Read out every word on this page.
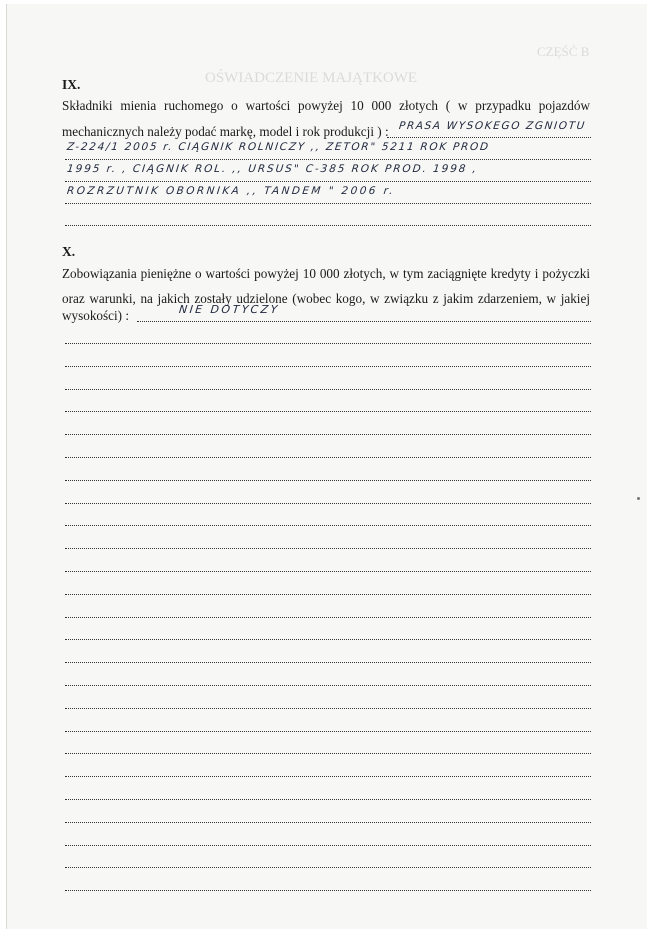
OŚWIADCZENIE MAJĄTKOWE
CZĘŚĆ B
IX.
Składniki mienia ruchomego o wartości powyżej 10 000 złotych ( w przypadku pojazdów
mechanicznych należy podać markę, model i rok produkcji ) : PRASA WYSOKEGO ZGNIOTU
Z-224/1 2005 r. CIĄGNIK ROLNICZY ,, ZETOR" 5211 ROK PROD
1995 r. , CIĄGNIK ROL. ,, URSUS" C-385 ROK PROD. 1998 ,
ROZRZUTNIK OBORNIKA ,, TANDEM " 2006 r.
X.
Zobowiązania pieniężne o wartości powyżej 10 000 złotych, w tym zaciągnięte kredyty i pożyczki
oraz warunki, na jakich zostały udzielone (wobec kogo, w związku z jakim zdarzeniem, w jakiej
wysokości) :	NIE DOTYCZY
